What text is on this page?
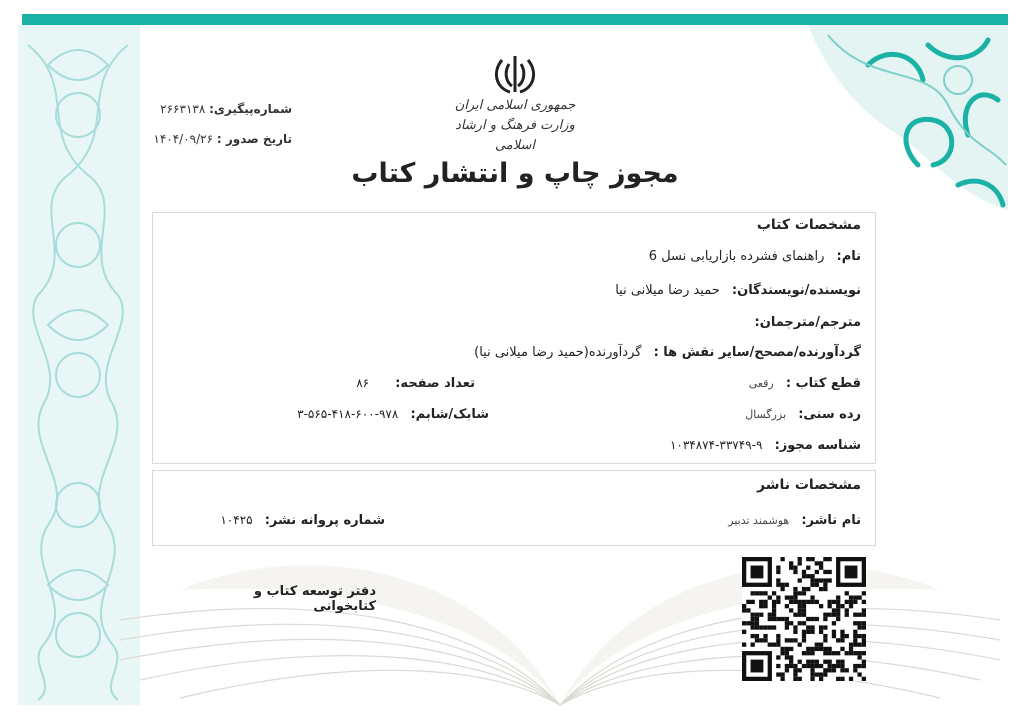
جمهوری اسلامی ایران
وزارت فرهنگ و ارشاد اسلامی
شماره‌پیگیری: ۲۶۶۳۱۳۸
تاریخ صدور : ۱۴۰۴/۰۹/۲۶
مجوز چاپ و انتشار کتاب
مشخصات کتاب
نام: راهنمای فشرده بازاریابی نسل 6
نویسنده/نویسندگان: حمید رضا میلانی نیا
مترجم/مترجمان:
گردآورنده/مصحح/سایر نقش ها : گردآورنده(حمید رضا میلانی نیا)
قطع کتاب : رقعی
تعداد صفحه: ۸۶
رده سنی: بزرگسال
شابک/شابم: ۹۷۸-۶۰۰-۴۱۸-۵۶۵-۳
شناسه مجوز: ۹-۳۳۷۴۹-۱۰۳۴۸۷۴
مشخصات ناشر
نام ناشر: هوشمند تدبیر
شماره پروانه نشر: ۱۰۴۲۵
دفتر توسعه کتاب و کتابخوانی
